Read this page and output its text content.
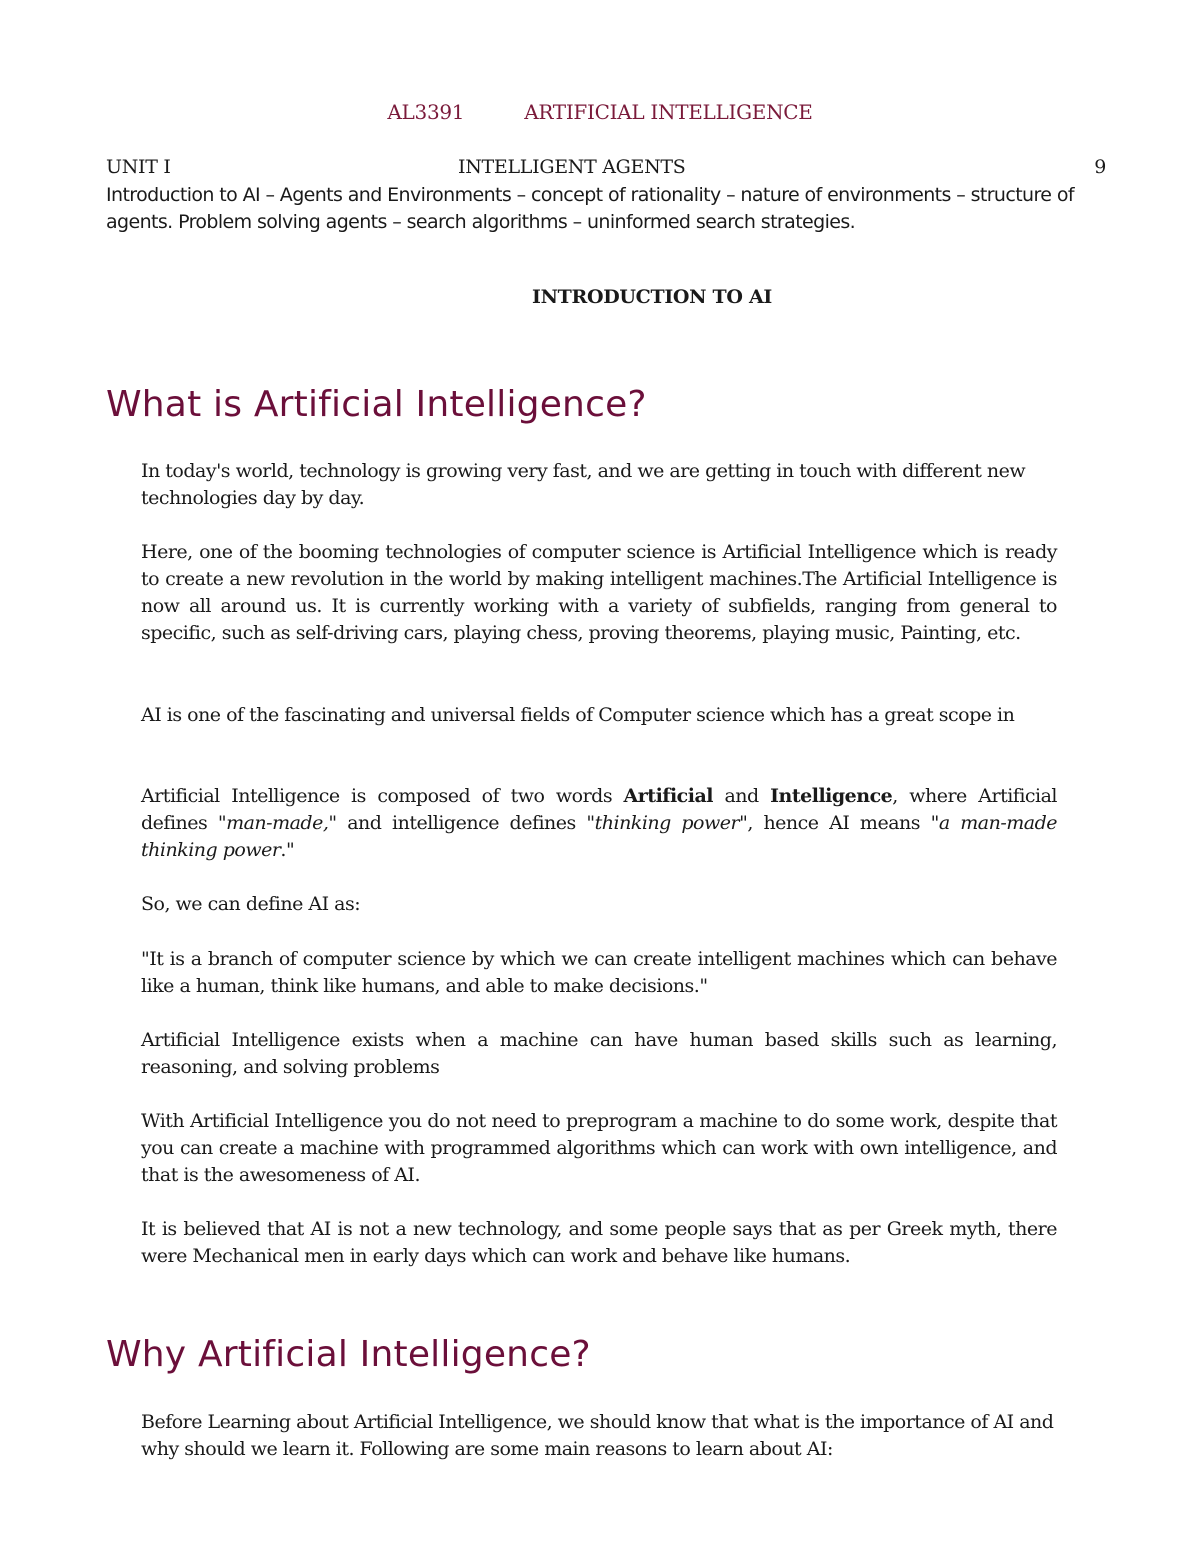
AL3391	ARTIFICIAL INTELLIGENCE
UNIT I	INTELLIGENT AGENTS	9
Introduction to AI – Agents and Environments – concept of rationality – nature of environments – structure of agents. Problem solving agents – search algorithms – uninformed search strategies.
INTRODUCTION TO AI
What is Artificial Intelligence?

In today's world, technology is growing very fast, and we are getting in touch with different new technologies day by day.

Here, one of the booming technologies of computer science is Artificial Intelligence which is ready to create a new revolution in the world by making intelligent machines.The Artificial Intelligence is now all around us. It is currently working with a variety of subfields, ranging from general to specific, such as self-driving cars, playing chess, proving theorems, playing music, Painting, etc.

AI is one of the fascinating and universal fields of Computer science which has a great scope in

Artificial Intelligence is composed of two words Artificial and Intelligence, where Artificial defines "man-made," and intelligence defines "thinking power", hence AI means "a man-made thinking power."

So, we can define AI as:

"It is a branch of computer science by which we can create intelligent machines which can behave like a human, think like humans, and able to make decisions."

Artificial Intelligence exists when a machine can have human based skills such as learning, reasoning, and solving problems

With Artificial Intelligence you do not need to preprogram a machine to do some work, despite that you can create a machine with programmed algorithms which can work with own intelligence, and that is the awesomeness of AI.

It is believed that AI is not a new technology, and some people says that as per Greek myth, there were Mechanical men in early days which can work and behave like humans.

Why Artificial Intelligence?

Before Learning about Artificial Intelligence, we should know that what is the importance of AI and why should we learn it. Following are some main reasons to learn about AI:
